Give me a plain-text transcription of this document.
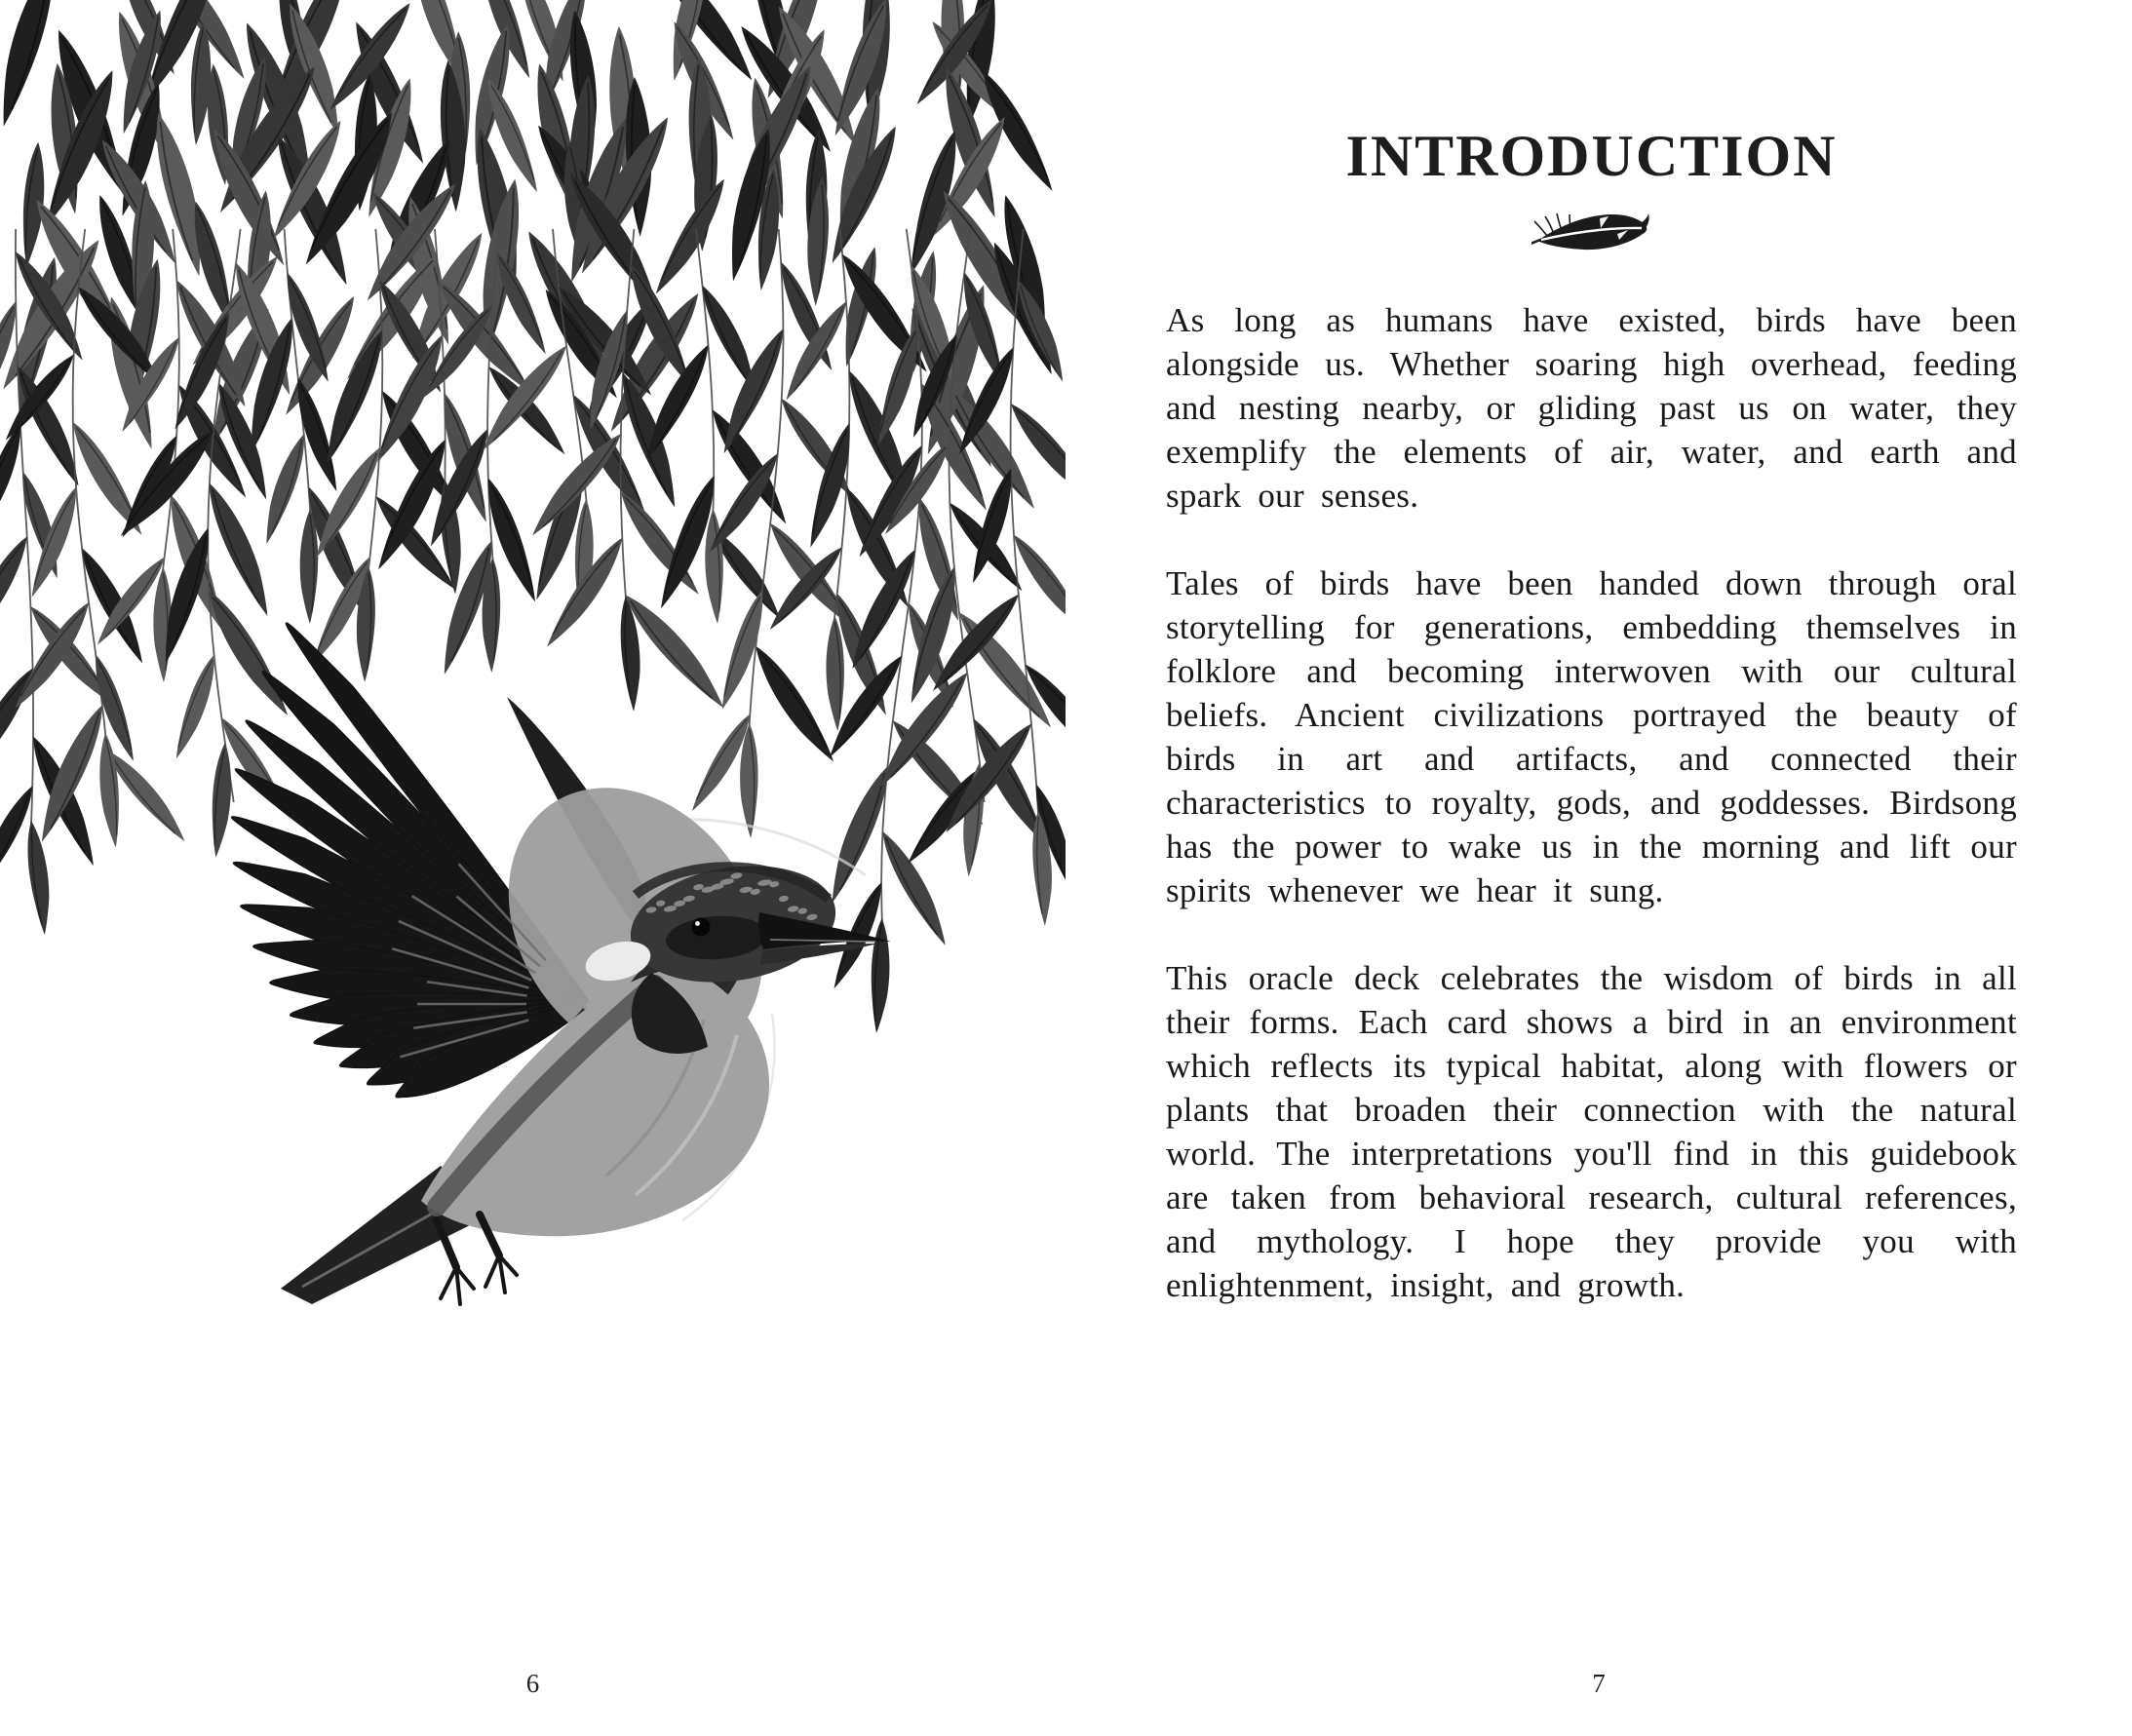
6
INTRODUCTION

As long as humans have existed, birds have been alongside us. Whether soaring high overhead, feeding and nesting nearby, or gliding past us on water, they exemplify the elements of air, water, and earth and spark our senses.

Tales of birds have been handed down through oral storytelling for generations, embedding themselves in folklore and becoming interwoven with our cultural beliefs. Ancient civilizations portrayed the beauty of birds in art and artifacts, and connected their characteristics to royalty, gods, and goddesses. Birdsong has the power to wake us in the morning and lift our spirits whenever we hear it sung.

This oracle deck celebrates the wisdom of birds in all their forms. Each card shows a bird in an environment which reflects its typical habitat, along with flowers or plants that broaden their connection with the natural world. The interpretations you'll find in this guidebook are taken from behavioral research, cultural references, and mythology. I hope they provide you with enlightenment, insight, and growth.

7
